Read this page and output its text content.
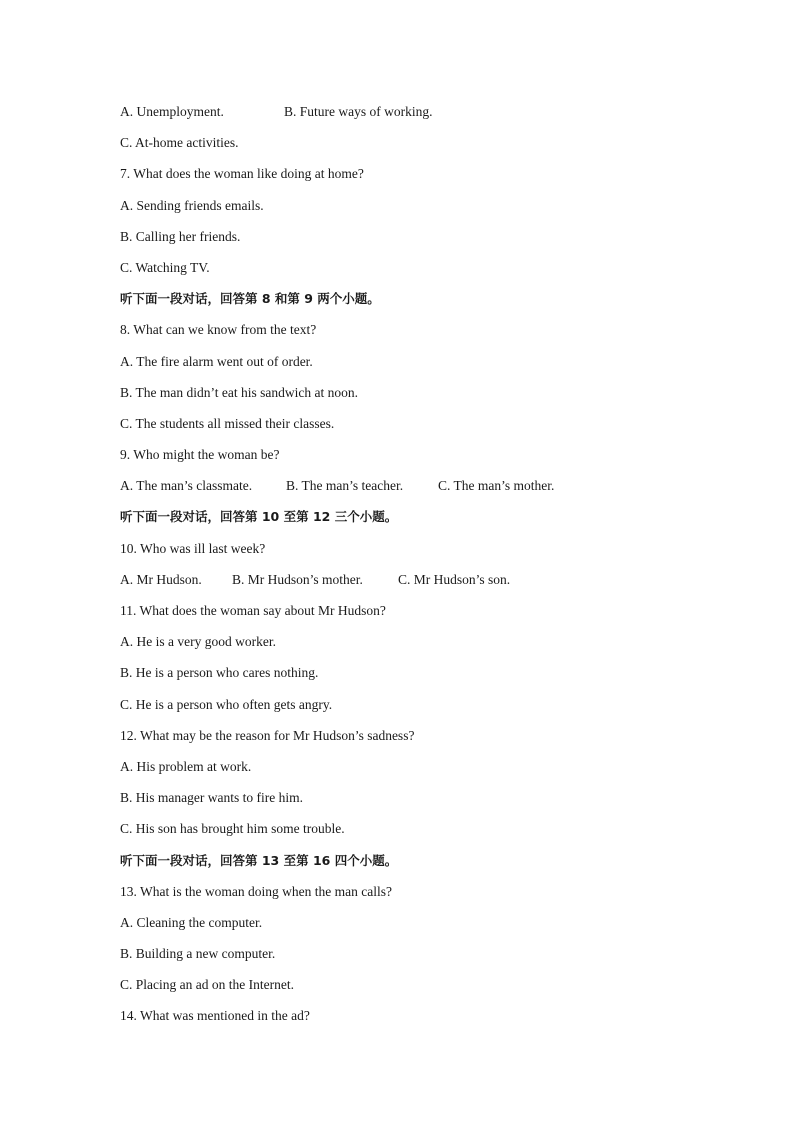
A. Unemployment.	B. Future ways of working.
C. At-home activities.
7. What does the woman like doing at home?
A. Sending friends emails.
B. Calling her friends.
C. Watching TV.
听下面一段对话，回答第 8 和第 9 两个小题。
8. What can we know from the text?
A. The fire alarm went out of order.
B. The man didn’t eat his sandwich at noon.
C. The students all missed their classes.
9. Who might the woman be?
A. The man’s classmate.	B. The man’s teacher.	C. The man’s mother.
听下面一段对话，回答第 10 至第 12 三个小题。
10. Who was ill last week?
A. Mr Hudson. B. Mr Hudson’s mother.	C. Mr Hudson’s son.
11. What does the woman say about Mr Hudson?
A. He is a very good worker.
B. He is a person who cares nothing.
C. He is a person who often gets angry.
12. What may be the reason for Mr Hudson’s sadness?
A. His problem at work.
B. His manager wants to fire him.
C. His son has brought him some trouble.
听下面一段对话，回答第 13 至第 16 四个小题。
13. What is the woman doing when the man calls?
A. Cleaning the computer.
B. Building a new computer.
C. Placing an ad on the Internet.
14. What was mentioned in the ad?
